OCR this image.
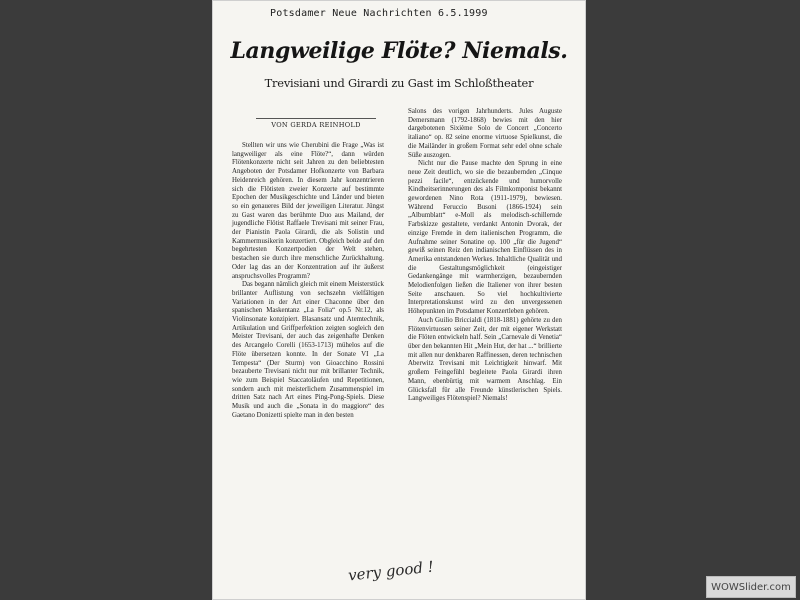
Potsdamer Neue Nachrichten 6.5.1999
Langweilige Flöte? Niemals.
Trevisiani und Girardi zu Gast im Schloßtheater
VON GERDA REINHOLD

Stellten wir uns wie Cherubini die Frage „Was ist langweiliger als eine Flöte?“, dann würden Flötenkonzerte nicht seit Jahren zu den beliebtesten Angeboten der Potsdamer Hofkonzerte von Barbara Heidenreich gehören. In diesem Jahr konzentrieren sich die Flötisten zweier Konzerte auf bestimmte Epochen der Musikgeschichte und Länder und bieten so ein genaueres Bild der jeweiligen Literatur. Jüngst zu Gast waren das berühmte Duo aus Mailand, der jugendliche Flötist Raffaele Trevisani mit seiner Frau, der Pianistin Paola Girardi, die als Solistin und Kammermusikerin konzertiert. Obgleich beide auf den begehrtesten Konzertpodien der Welt stehen, bestachen sie durch ihre menschliche Zurückhaltung. Oder lag das an der Konzentration auf ihr äußerst anspruchsvolles Programm?

Das begann nämlich gleich mit einem Meisterstück brillanter Auflistung von sechszehn vielfältigen Variationen in der Art einer Chaconne über den spanischen Maskentanz „La Folia“ op.5 Nr.12, als Violinsonate konzipiert. Blasansatz und Atemtechnik, Artikulation und Griffperfektion zeigten sogleich den Meister Trevisani, der auch das zeigenhafte Denken des Arcangelo Corelli (1653-1713) mühelos auf die Flöte übersetzen konnte. In der Sonate VI „La Tempesta“ (Der Sturm) von Gioacchino Rossini bezauberte Trevisani nicht nur mit brillanter Technik, wie zum Beispiel Staccatoläufen und Repetitionen, sondern auch mit meisterlichem Zusammenspiel im dritten Satz nach Art eines Ping-Pong-Spiels. Diese Musik und auch die „Sonata in do maggiore“ des Gaetano Donizetti spielte man in den besten

Salons des vorigen Jahrhunderts. Jules Auguste Demersmann (1792-1868) bewies mit den hier dargebotenen Sixième Solo de Concert „Concerto italiano“ op. 82 seine enorme virtuose Spielkunst, die die Mailänder in großem Format sehr edel ohne schale Süße auszogen.

Nicht nur die Pause machte den Sprung in eine neue Zeit deutlich, wo sie die bezaubernden „Cinque pezzi facile“, entzückende und humorvolle Kindheitserinnerungen des als Filmkomponist bekannt gewordenen Nino Rota (1911-1979), bewiesen. Während Feruccio Busoni (1866-1924) sein „Albumblatt“ e-Moll als melodisch-schillernde Farbskizze gestaltete, verdankt Antonin Dvorak, der einzige Fremde in dem italienischen Programm, die Aufnahme seiner Sonatine op. 100 „für die Jugend“ gewiß seinen Reiz den indianischen Einflüssen des in Amerika entstandenen Werkes. Inhaltliche Qualität und die Gestaltungsmöglichkeit (eingeistiger Gedankengänge mit warmherzigen, bezaubernden Melodienfolgen ließen die Italiener von ihrer besten Seite anschauen. So viel hochkultivierte Interpretationskunst wird zu den unvergessenen Höhepunkten im Potsdamer Konzertleben gehören.

Auch Guilio Briccialdi (1818-1881) gehörte zu den Flötenvirtuosen seiner Zeit, der mit eigener Werkstatt die Flöten entwickeln half. Sein „Carnevale di Venetia“ über den bekannten Hit „Mein Hut, der hat ...“ brillierte mit allen nur denkbaren Raffinessen, deren technischen Aberwitz Trevisani mit Leichtigkeit hinwarf. Mit großem Feingefühl begleitete Paola Girardi ihren Mann, ebenbürtig mit warmem Anschlag. Ein Glücksfall für alle Freunde künstlerischen Spiels. Langweiliges Flötenspiel? Niemals!

very good !
WOWSlider.com
